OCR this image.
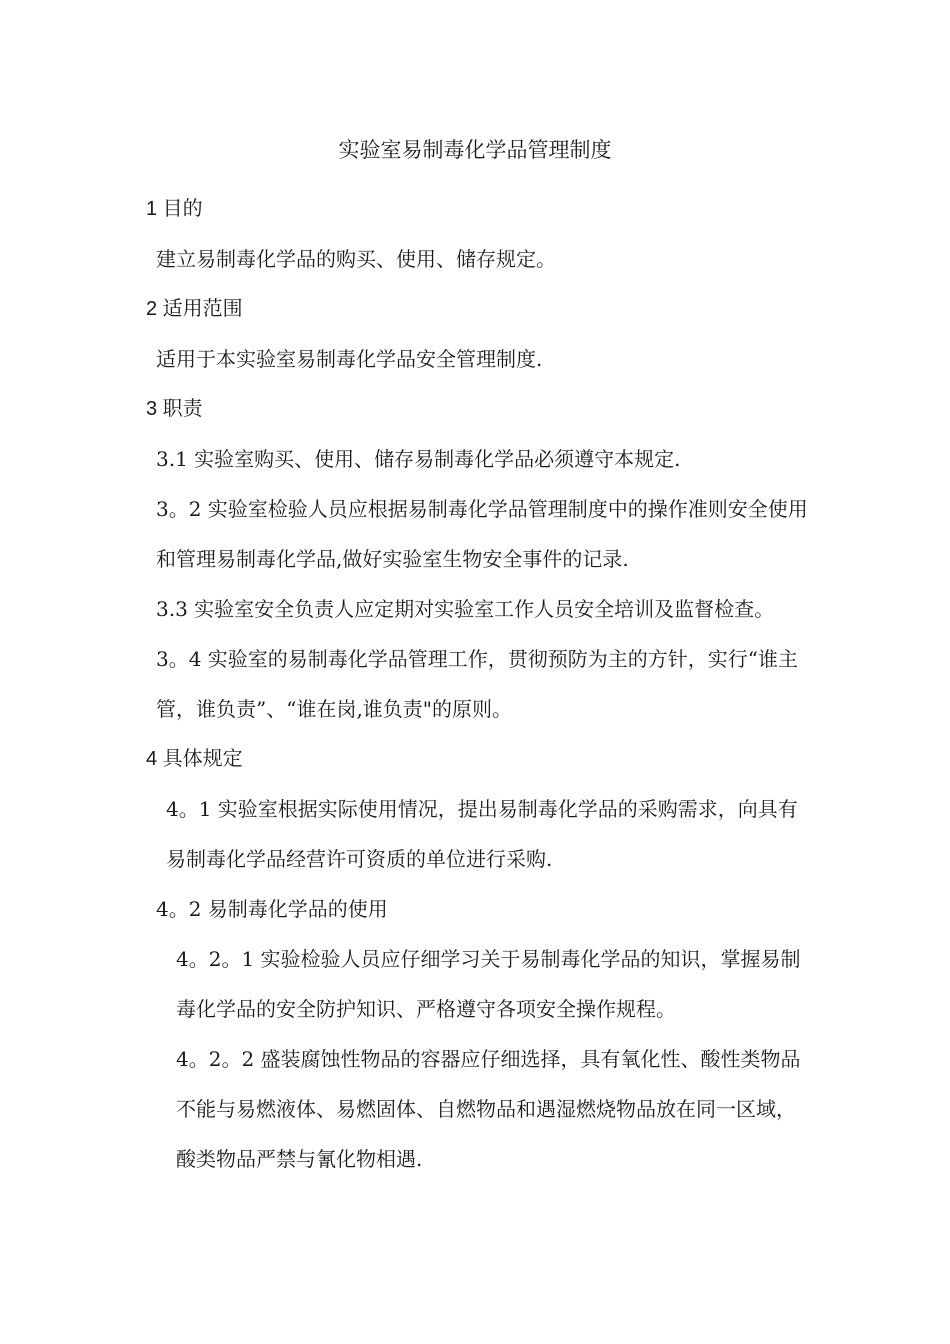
实验室易制毒化学品管理制度
1 目的
建立易制毒化学品的购买、使用、储存规定。
2 适用范围
适用于本实验室易制毒化学品安全管理制度.
3 职责
3.1 实验室购买、使用、储存易制毒化学品必须遵守本规定.
3。2 实验室检验人员应根据易制毒化学品管理制度中的操作准则安全使用和管理易制毒化学品,做好实验室生物安全事件的记录.
3.3 实验室安全负责人应定期对实验室工作人员安全培训及监督检查。
3。4 实验室的易制毒化学品管理工作，贯彻预防为主的方针，实行“谁主管，谁负责”、“谁在岗,谁负责"的原则。
4 具体规定
4。1 实验室根据实际使用情况，提出易制毒化学品的采购需求，向具有易制毒化学品经营许可资质的单位进行采购.
4。2 易制毒化学品的使用
4。2。1 实验检验人员应仔细学习关于易制毒化学品的知识，掌握易制毒化学品的安全防护知识、严格遵守各项安全操作规程。
4。2。2 盛装腐蚀性物品的容器应仔细选择，具有氧化性、酸性类物品不能与易燃液体、易燃固体、自燃物品和遇湿燃烧物品放在同一区域，酸类物品严禁与氰化物相遇.
